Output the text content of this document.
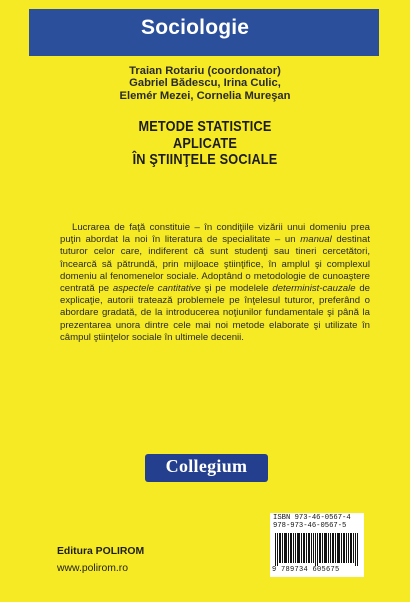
Sociologie
Traian Rotariu (coordonator)
Gabriel Bădescu, Irina Culic,
Elemér Mezei, Cornelia Mureşan
METODE STATISTICE
APLICATE
ÎN ŞTIINŢELE SOCIALE

Lucrarea de faţă constituie – în condiţiile vizării unui domeniu prea puţin abordat la noi în literatura de specialitate – un manual destinat tuturor celor care, indiferent că sunt studenţi sau tineri cercetători, încearcă să pătrundă, prin mijloace ştiinţifice, în amplul şi complexul domeniu al fenomenelor sociale. Adoptând o metodologie de cunoaştere centrată pe aspectele cantitative şi pe modelele determinist-cauzale de explicaţie, autorii tratează problemele pe înţelesul tuturor, preferând o abordare gradată, de la introducerea noţiunilor fundamentale şi până la prezentarea unora dintre cele mai noi metode elaborate şi utilizate în câmpul ştiinţelor sociale în ultimele decenii.

Collegium
Editura POLIROM
www.polirom.ro
ISBN 973-46-0567-4
978-973-46-0567-5
9 789734 605675
